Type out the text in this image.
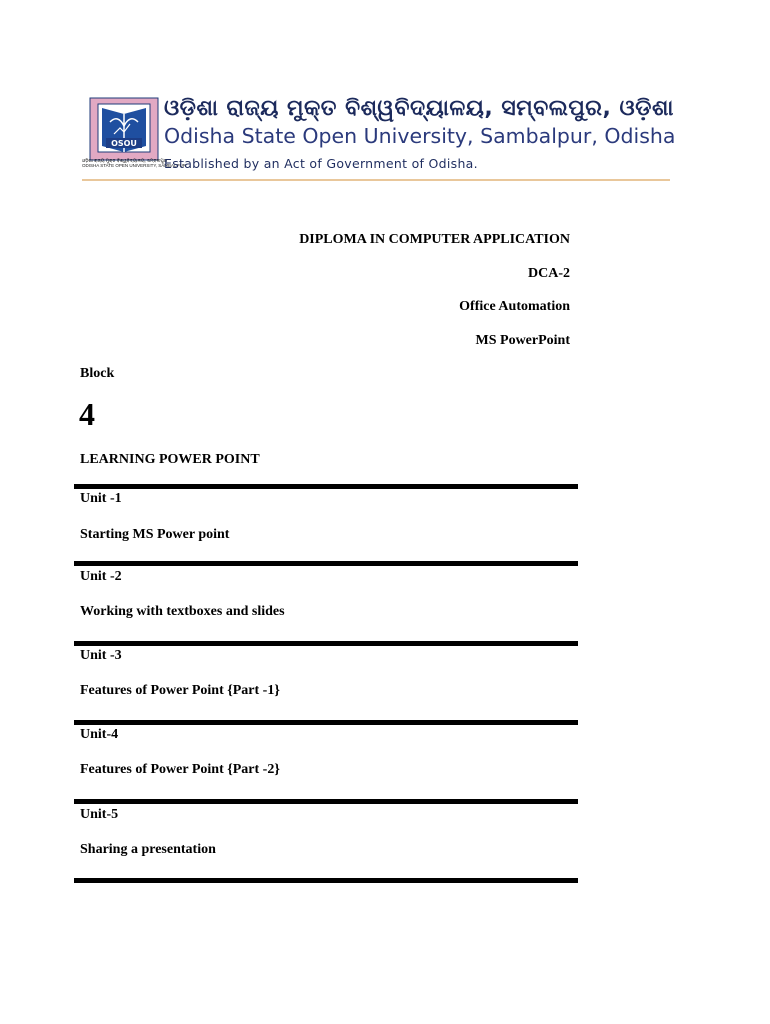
OSOU
ଓଡ଼ିଶା ରାଜ୍ୟ ମୁକ୍ତ ବିଶ୍ୱବିଦ୍ୟାଳୟ, ସମ୍ବଲପୁର
ODISHA STATE OPEN UNIVERSITY, SAMBALPUR
ଓଡ଼ିଶା ରାଜ୍ୟ ମୁକ୍ତ ବିଶ୍ୱବିଦ୍ୟାଳୟ, ସମ୍ବଲପୁର, ଓଡ଼ିଶା
Odisha State Open University, Sambalpur, Odisha
Established by an Act of Government of Odisha.
DIPLOMA IN COMPUTER APPLICATION
DCA-2
Office Automation
MS PowerPoint
Block
4
LEARNING POWER POINT
Unit -1
Starting MS Power point
Unit -2
Working with textboxes and slides
Unit -3
Features of Power Point {Part -1}
Unit-4
Features of Power Point {Part -2}
Unit-5
Sharing a presentation
